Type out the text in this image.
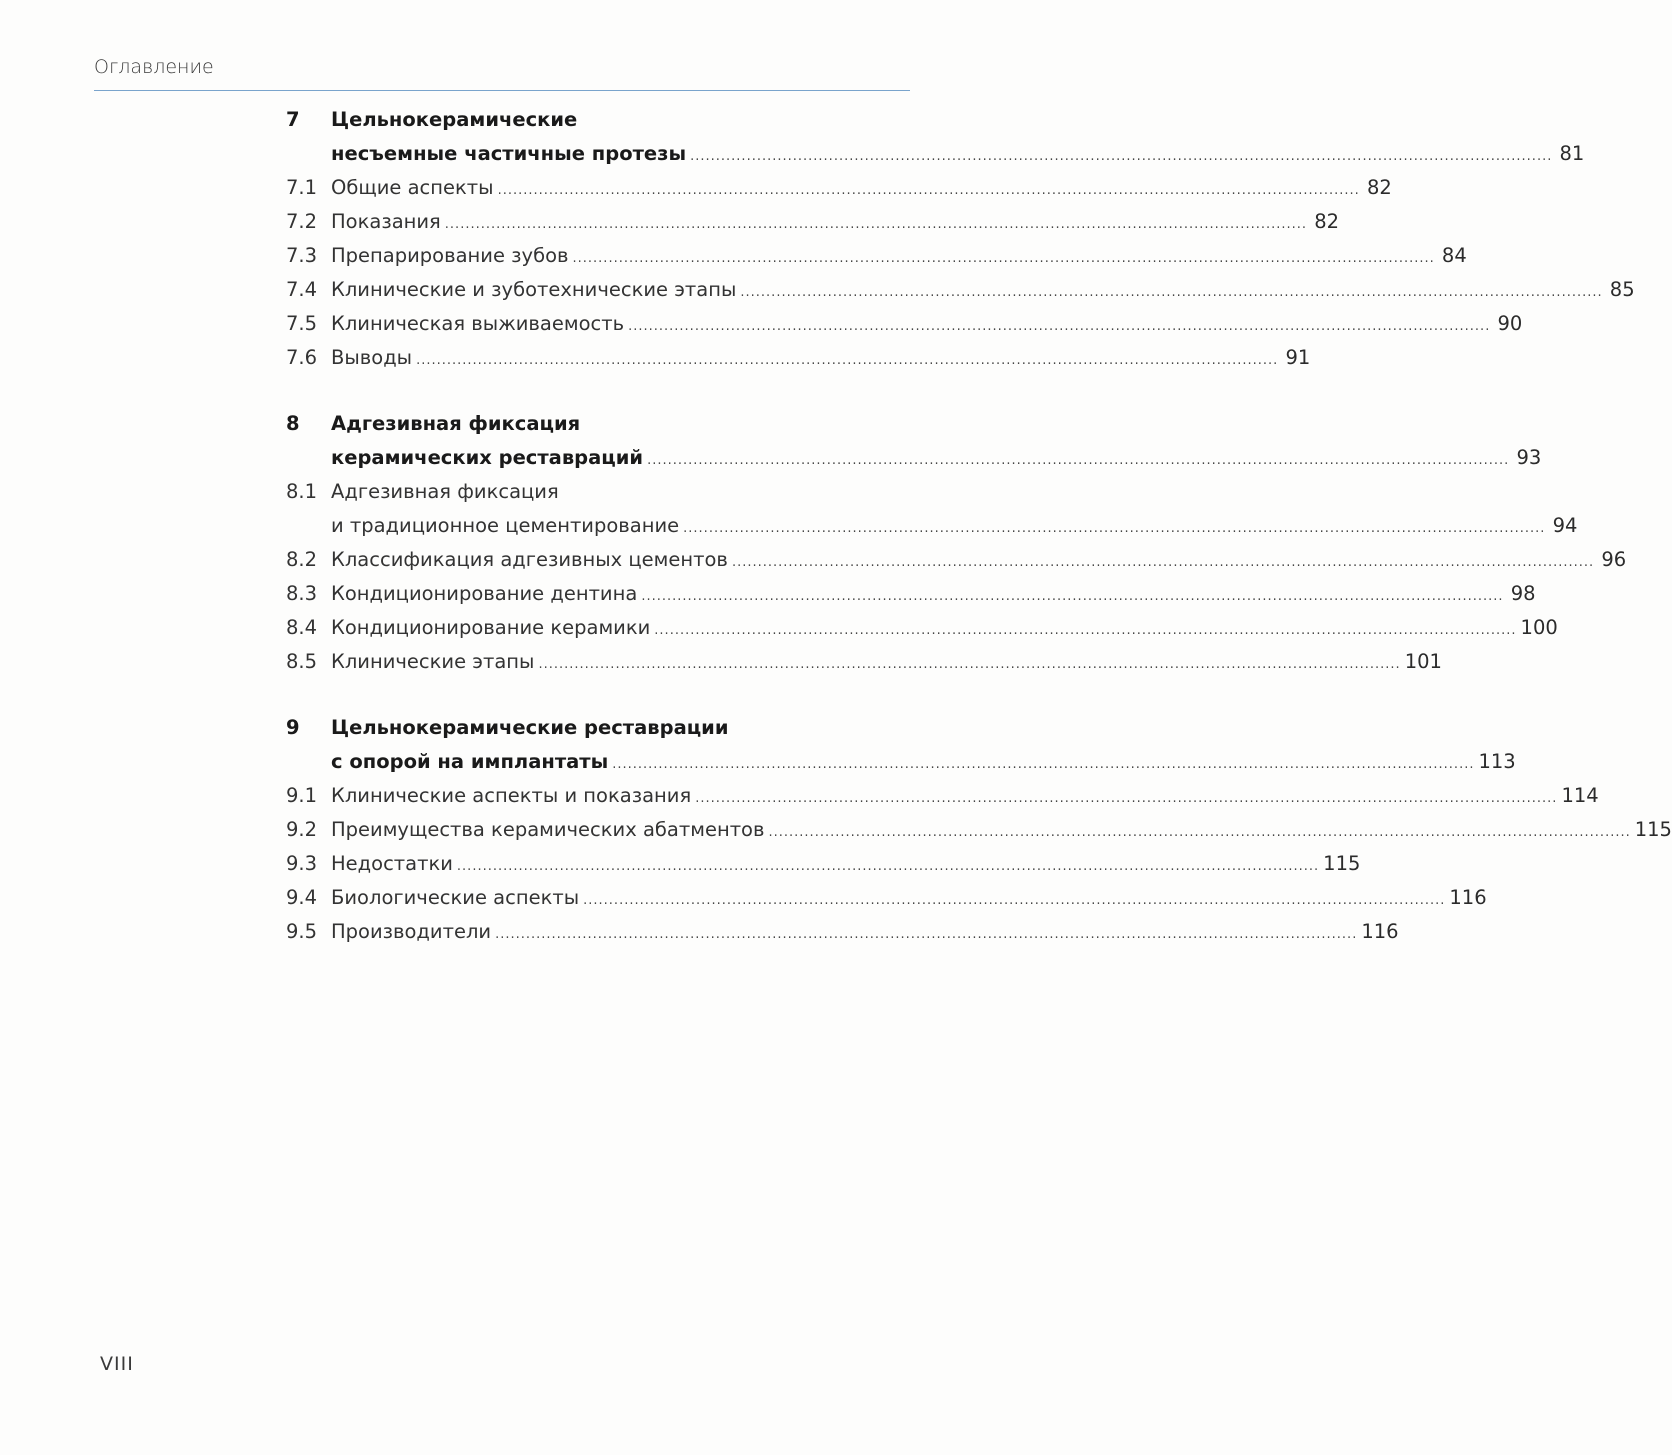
Оглавление
7	Цельнокерамические
несъемные частичные протезы .....	81
7.1 Общие аспекты .....	82
7.2 Показания .....	82
7.3 Препарирование зубов .....	84
7.4 Клинические и зуботехнические этапы .....	85
7.5 Клиническая выживаемость .....	90
7.6 Выводы .....	91
8	Адгезивная фиксация
керамических реставраций .....	93
8.1 Адгезивная фиксация
и традиционное цементирование .....	94
8.2 Классификация адгезивных цементов .....	96
8.3 Кондиционирование дентина .....	98
8.4 Кондиционирование керамики .....	100
8.5 Клинические этапы .....	101
9	Цельнокерамические реставрации
с опорой на имплантаты .....	113
9.1 Клинические аспекты и показания .....	114
9.2 Преимущества керамических абатментов .....	115
9.3 Недостатки .....	115
9.4 Биологические аспекты .....	116
9.5 Производители .....	116
VIII
